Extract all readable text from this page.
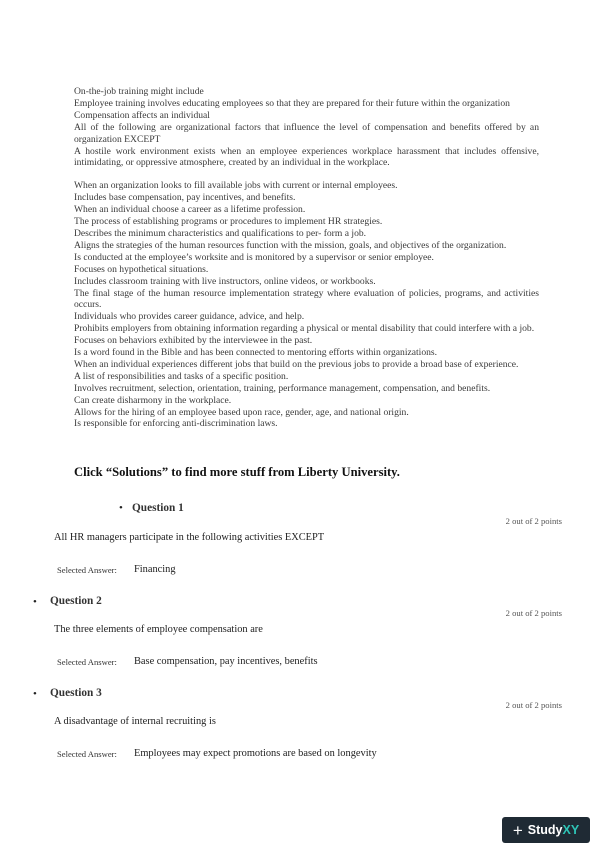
On-the-job training might include
Employee training involves educating employees so that they are prepared for their future within the organization
Compensation affects an individual
All of the following are organizational factors that influence the level of compensation and benefits offered by an organization EXCEPT
A hostile work environment exists when an employee experiences workplace harassment that includes offensive, intimidating, or oppressive atmosphere, created by an individual in the workplace.
When an organization looks to fill available jobs with current or internal employees.
Includes base compensation, pay incentives, and benefits.
When an individual choose a career as a lifetime profession.
The process of establishing programs or procedures to implement HR strategies.
Describes the minimum characteristics and qualifications to per- form a job.
Aligns the strategies of the human resources function with the mission, goals, and objectives of the organization.
Is conducted at the employee’s worksite and is monitored by a supervisor or senior employee.
Focuses on hypothetical situations.
Includes classroom training with live instructors, online videos, or workbooks.
The final stage of the human resource implementation strategy where evaluation of policies, programs, and activities occurs.
Individuals who provides career guidance, advice, and help.
Prohibits employers from obtaining information regarding a physical or mental disability that could interfere with a job.
Focuses on behaviors exhibited by the interviewee in the past.
Is a word found in the Bible and has been connected to mentoring efforts within organizations.
When an individual experiences different jobs that build on the previous jobs to provide a broad base of experience.
A list of responsibilities and tasks of a specific position.
Involves recruitment, selection, orientation, training, performance management, compensation, and benefits.
Can create disharmony in the workplace.
Allows for the hiring of an employee based upon race, gender, age, and national origin.
Is responsible for enforcing anti-discrimination laws.
Click “Solutions” to find more stuff from Liberty University.
• Question 1
2 out of 2 points
All HR managers participate in the following activities EXCEPT
Selected Answer: Financing
• Question 2
2 out of 2 points
The three elements of employee compensation are
Selected Answer: Base compensation, pay incentives, benefits
• Question 3
2 out of 2 points
A disadvantage of internal recruiting is
Selected Answer: Employees may expect promotions are based on longevity
+ Study XY
